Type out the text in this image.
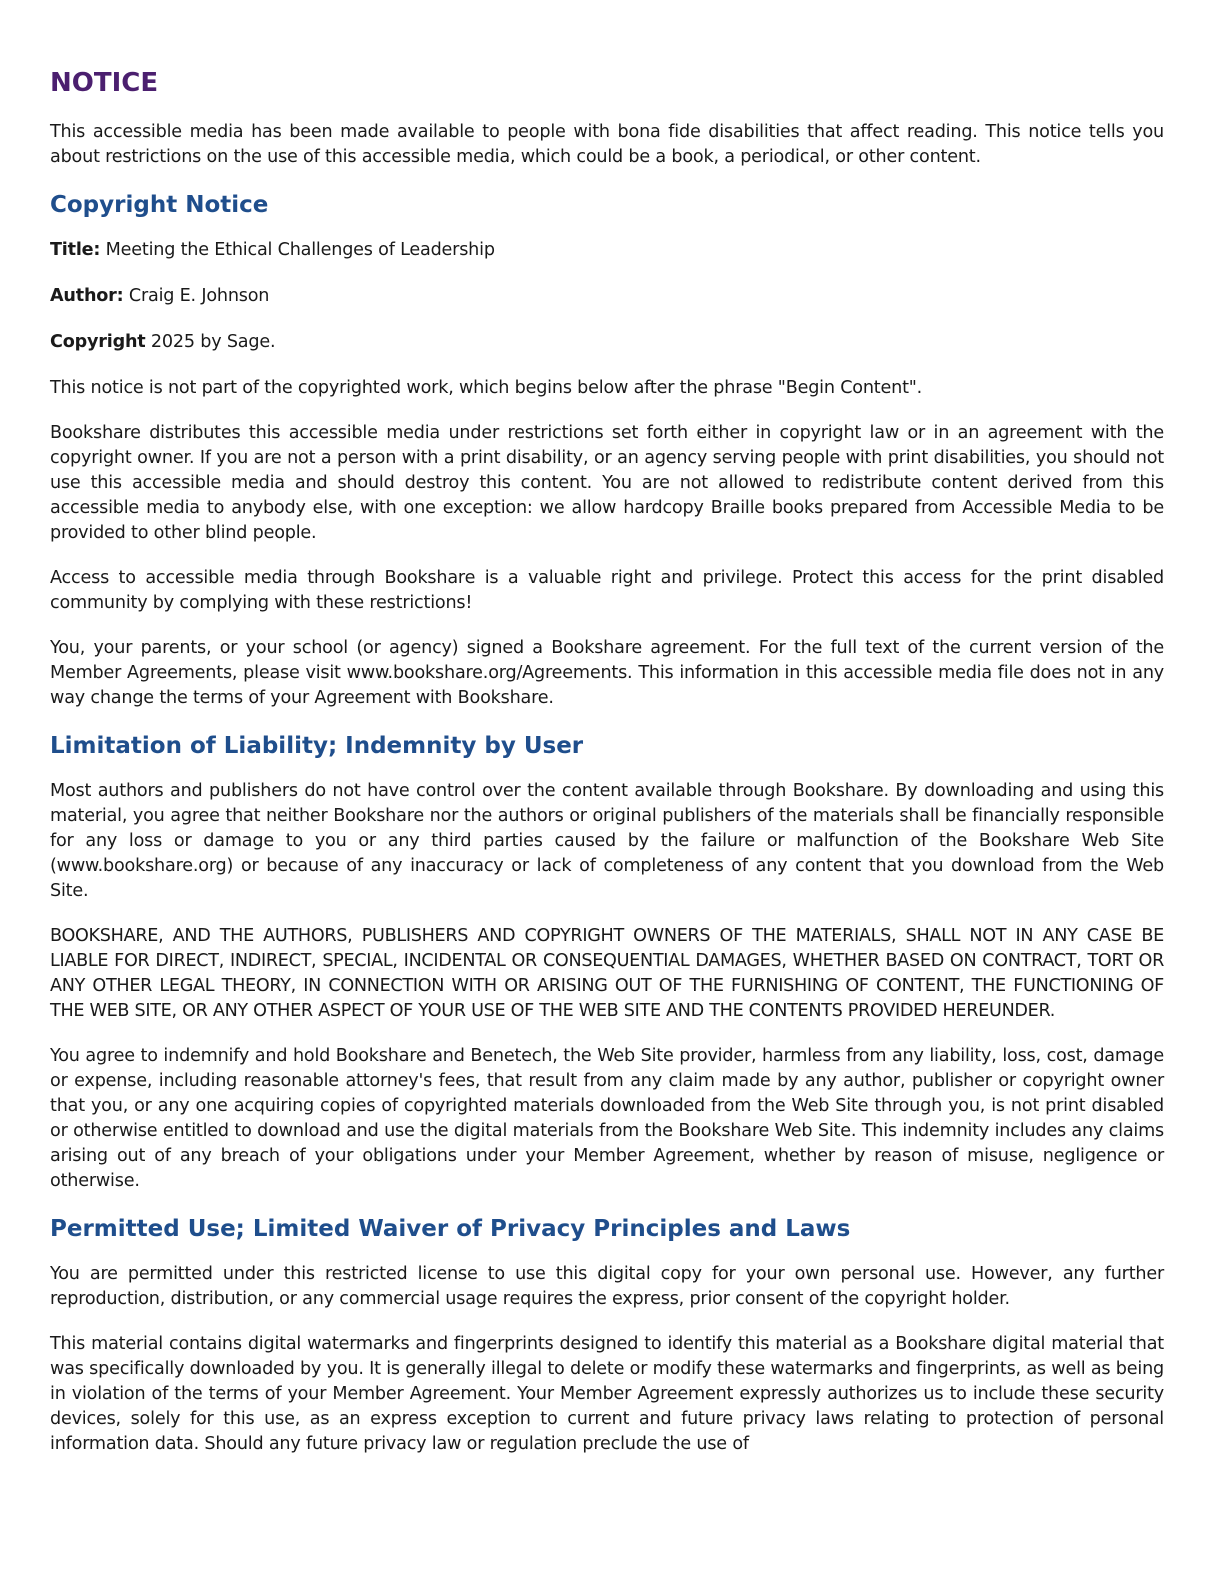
NOTICE

This accessible media has been made available to people with bona fide disabilities that affect reading. This notice tells you about restrictions on the use of this accessible media, which could be a book, a periodical, or other content.

Copyright Notice

Title: Meeting the Ethical Challenges of Leadership

Author: Craig E. Johnson

Copyright 2025 by Sage.

This notice is not part of the copyrighted work, which begins below after the phrase "Begin Content".

Bookshare distributes this accessible media under restrictions set forth either in copyright law or in an agreement with the copyright owner. If you are not a person with a print disability, or an agency serving people with print disabilities, you should not use this accessible media and should destroy this content. You are not allowed to redistribute content derived from this accessible media to anybody else, with one exception: we allow hardcopy Braille books prepared from Accessible Media to be provided to other blind people.

Access to accessible media through Bookshare is a valuable right and privilege. Protect this access for the print disabled community by complying with these restrictions!

You, your parents, or your school (or agency) signed a Bookshare agreement. For the full text of the current version of the Member Agreements, please visit www.bookshare.org/Agreements. This information in this accessible media file does not in any way change the terms of your Agreement with Bookshare.

Limitation of Liability; Indemnity by User

Most authors and publishers do not have control over the content available through Bookshare. By downloading and using this material, you agree that neither Bookshare nor the authors or original publishers of the materials shall be financially responsible for any loss or damage to you or any third parties caused by the failure or malfunction of the Bookshare Web Site (www.bookshare.org) or because of any inaccuracy or lack of completeness of any content that you download from the Web Site.

BOOKSHARE, AND THE AUTHORS, PUBLISHERS AND COPYRIGHT OWNERS OF THE MATERIALS, SHALL NOT IN ANY CASE BE LIABLE FOR DIRECT, INDIRECT, SPECIAL, INCIDENTAL OR CONSEQUENTIAL DAMAGES, WHETHER BASED ON CONTRACT, TORT OR ANY OTHER LEGAL THEORY, IN CONNECTION WITH OR ARISING OUT OF THE FURNISHING OF CONTENT, THE FUNCTIONING OF THE WEB SITE, OR ANY OTHER ASPECT OF YOUR USE OF THE WEB SITE AND THE CONTENTS PROVIDED HEREUNDER.

You agree to indemnify and hold Bookshare and Benetech, the Web Site provider, harmless from any liability, loss, cost, damage or expense, including reasonable attorney's fees, that result from any claim made by any author, publisher or copyright owner that you, or any one acquiring copies of copyrighted materials downloaded from the Web Site through you, is not print disabled or otherwise entitled to download and use the digital materials from the Bookshare Web Site. This indemnity includes any claims arising out of any breach of your obligations under your Member Agreement, whether by reason of misuse, negligence or otherwise.

Permitted Use; Limited Waiver of Privacy Principles and Laws

You are permitted under this restricted license to use this digital copy for your own personal use. However, any further reproduction, distribution, or any commercial usage requires the express, prior consent of the copyright holder.

This material contains digital watermarks and fingerprints designed to identify this material as a Bookshare digital material that was specifically downloaded by you. It is generally illegal to delete or modify these watermarks and fingerprints, as well as being in violation of the terms of your Member Agreement. Your Member Agreement expressly authorizes us to include these security devices, solely for this use, as an express exception to current and future privacy laws relating to protection of personal information data. Should any future privacy law or regulation preclude the use of
